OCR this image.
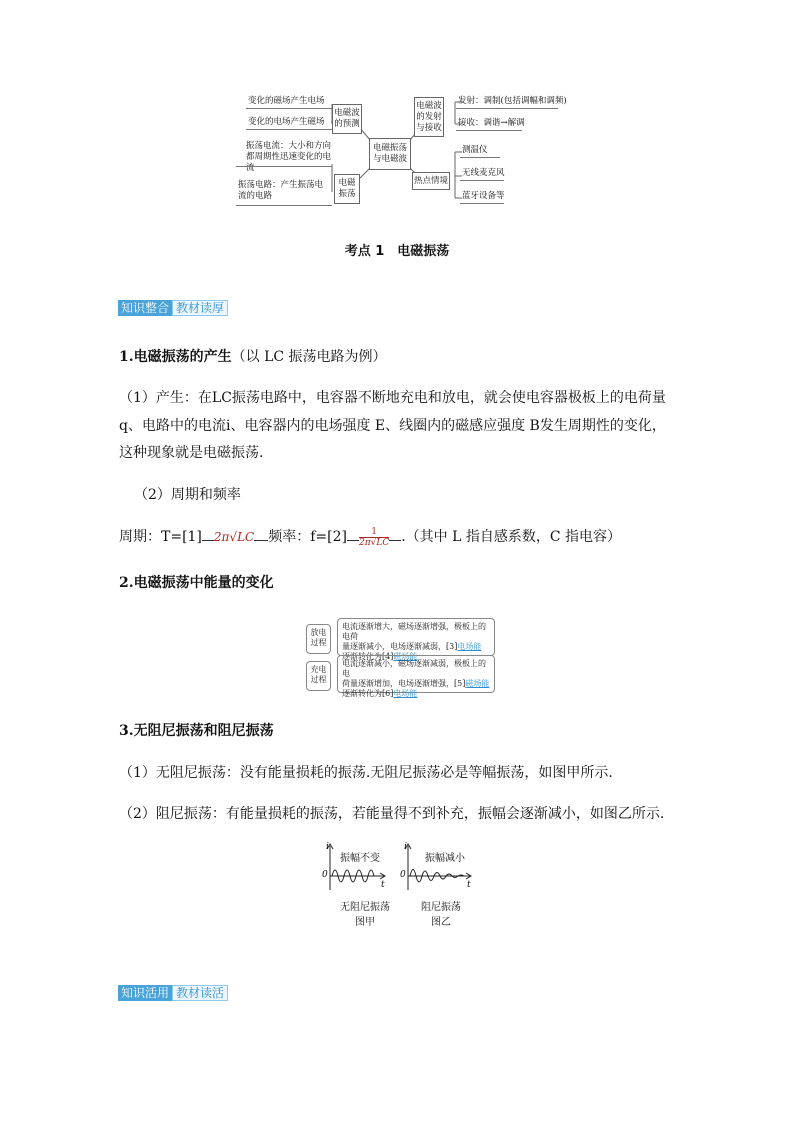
电磁振荡与电磁波
电磁波的预测
变化的磁场产生电场
变化的电场产生磁场
电磁振荡
振荡电流：大小和方向都周期性迅速变化的电流
振荡电路：产生振荡电流的电路
电磁波的发射与接收
发射：调制(包括调幅和调频)
接收：调谐→解调
热点情境
测温仪
无线麦克风
蓝牙设备等
考点 1　电磁振荡
知识整合 教材读厚
1.电磁振荡的产生（以 LC 振荡电路为例）
（1）产生：在LC振荡电路中，电容器不断地充电和放电，就会使电容器极板上的电荷量
q、电路中的电流i、电容器内的电场强度 E、线圈内的磁感应强度 B发生周期性的变化，
这种现象就是电磁振荡.
（2）周期和频率
周期：T=[1] 2π√LC 频率：$f=[2] \frac{1}{2\pi√LC}$ .（其中 L 指自感系数，C 指电容）
2.电磁振荡中能量的变化
放电过程
电流逐渐增大，磁场逐渐增强，极板上的电荷
量逐渐减小，电场逐渐减弱，[3]电场能
逐渐转化为[4]磁场能
充电过程
电流逐渐减小，磁场逐渐减弱，极板上的电
荷量逐渐增加，电场逐渐增强，[5]磁场能
逐渐转化为[6]电场能
3.无阻尼振荡和阻尼振荡
（1）无阻尼振荡：没有能量损耗的振荡.无阻尼振荡必是等幅振荡，如图甲所示.
（2）阻尼振荡：有能量损耗的振荡，若能量得不到补充，振幅会逐渐减小，如图乙所示.
振幅不变	振幅减小
i	i
t	t
0	0
无阻尼振荡
图甲
阻尼振荡
图乙
知识活用 教材读活
